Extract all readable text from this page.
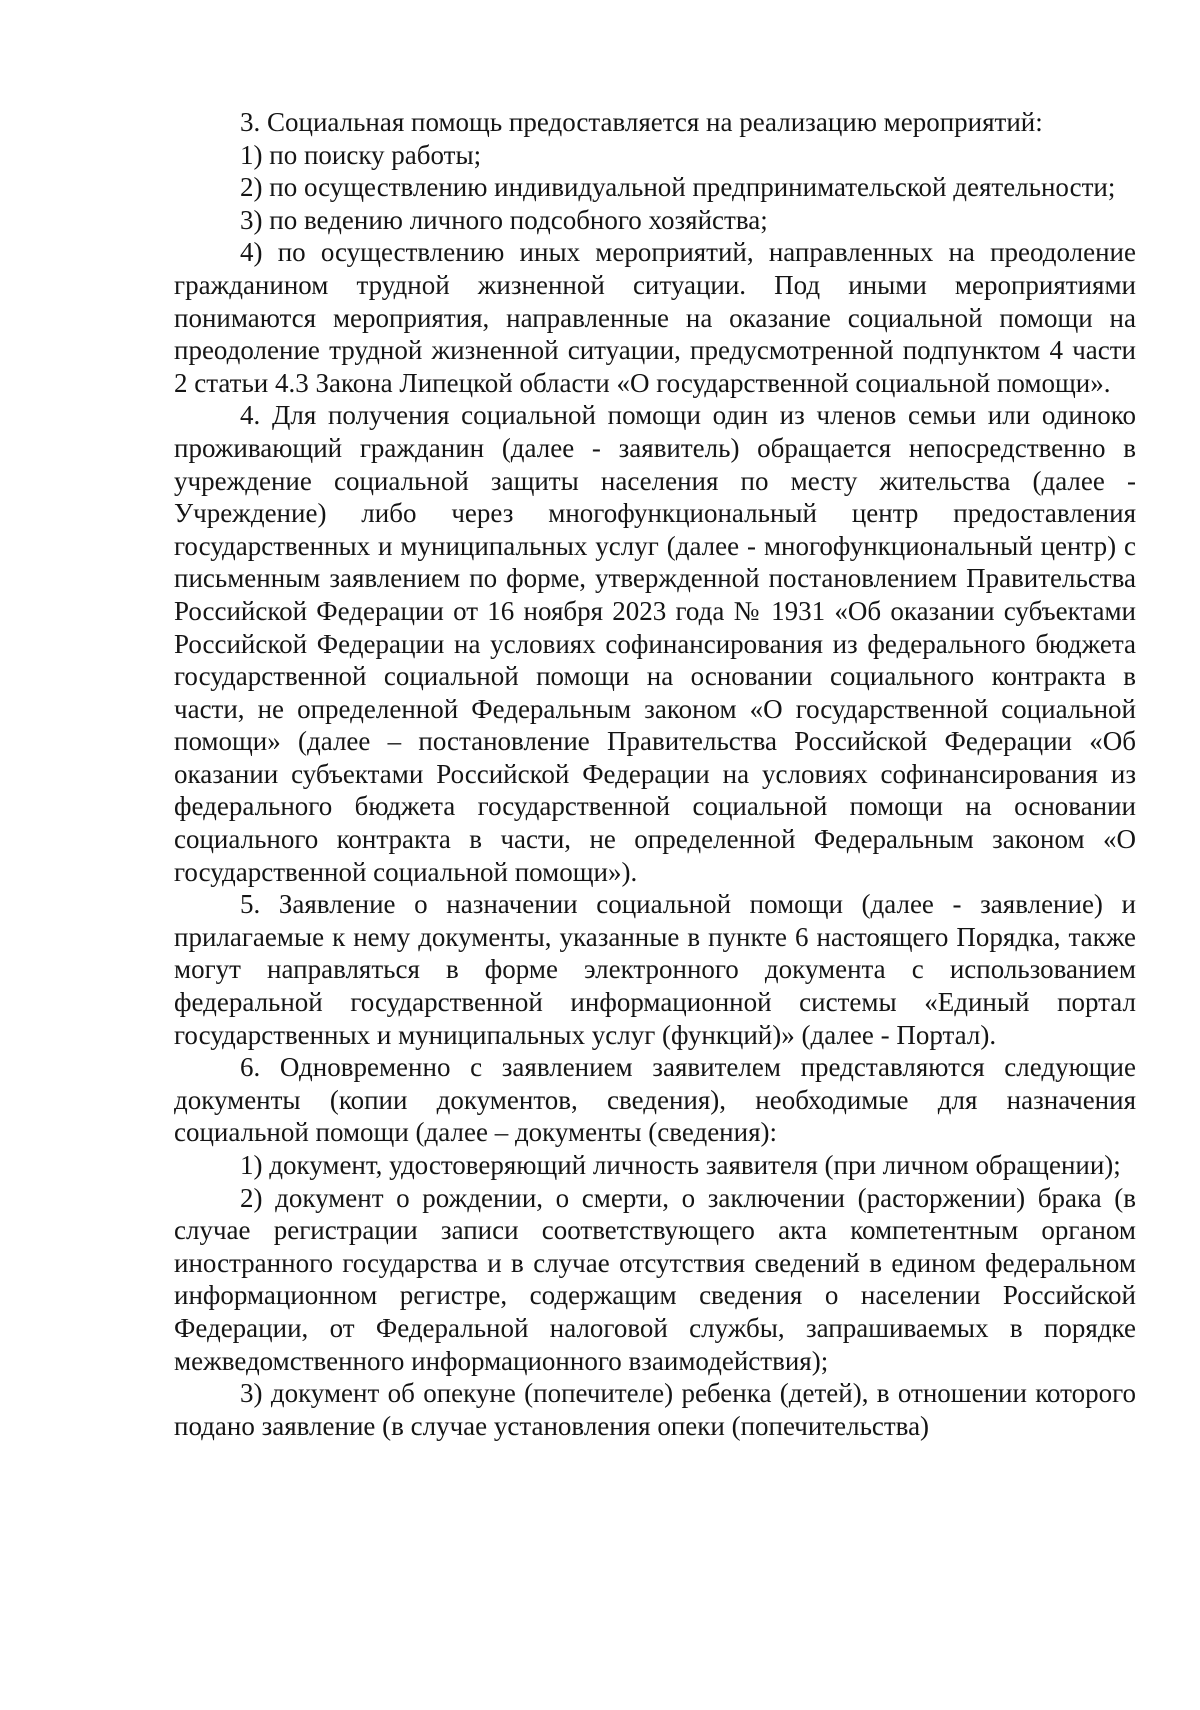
3. Социальная помощь предоставляется на реализацию мероприятий:

1) по поиску работы;

2) по осуществлению индивидуальной предпринимательской деятельности;

3) по ведению личного подсобного хозяйства;

4) по осуществлению иных мероприятий, направленных на преодоление гражданином трудной жизненной ситуации. Под иными мероприятиями понимаются мероприятия, направленные на оказание социальной помощи на преодоление трудной жизненной ситуации, предусмотренной подпунктом 4 части 2 статьи 4.3 Закона Липецкой области «О государственной социальной помощи».

4. Для получения социальной помощи один из членов семьи или одиноко проживающий гражданин (далее - заявитель) обращается непосредственно в учреждение социальной защиты населения по месту жительства (далее - Учреждение) либо через многофункциональный центр предоставления государственных и муниципальных услуг (далее - многофункциональный центр) с письменным заявлением по форме, утвержденной постановлением Правительства Российской Федерации от 16 ноября 2023 года № 1931 «Об оказании субъектами Российской Федерации на условиях софинансирования из федерального бюджета государственной социальной помощи на основании социального контракта в части, не определенной Федеральным законом «О государственной социальной помощи» (далее – постановление Правительства Российской Федерации «Об оказании субъектами Российской Федерации на условиях софинансирования из федерального бюджета государственной социальной помощи на основании социального контракта в части, не определенной Федеральным законом «О государственной социальной помощи»).

5. Заявление о назначении социальной помощи (далее - заявление) и прилагаемые к нему документы, указанные в пункте 6 настоящего Порядка, также могут направляться в форме электронного документа с использованием федеральной государственной информационной системы «Единый портал государственных и муниципальных услуг (функций)» (далее - Портал).

6. Одновременно с заявлением заявителем представляются следующие документы (копии документов, сведения), необходимые для назначения социальной помощи (далее – документы (сведения):

1) документ, удостоверяющий личность заявителя (при личном обращении);

2) документ о рождении, о смерти, о заключении (расторжении) брака (в случае регистрации записи соответствующего акта компетентным органом иностранного государства и в случае отсутствия сведений в едином федеральном информационном регистре, содержащим сведения о населении Российской Федерации, от Федеральной налоговой службы, запрашиваемых в порядке межведомственного информационного взаимодействия);

3) документ об опекуне (попечителе) ребенка (детей), в отношении которого подано заявление (в случае установления опеки (попечительства)
